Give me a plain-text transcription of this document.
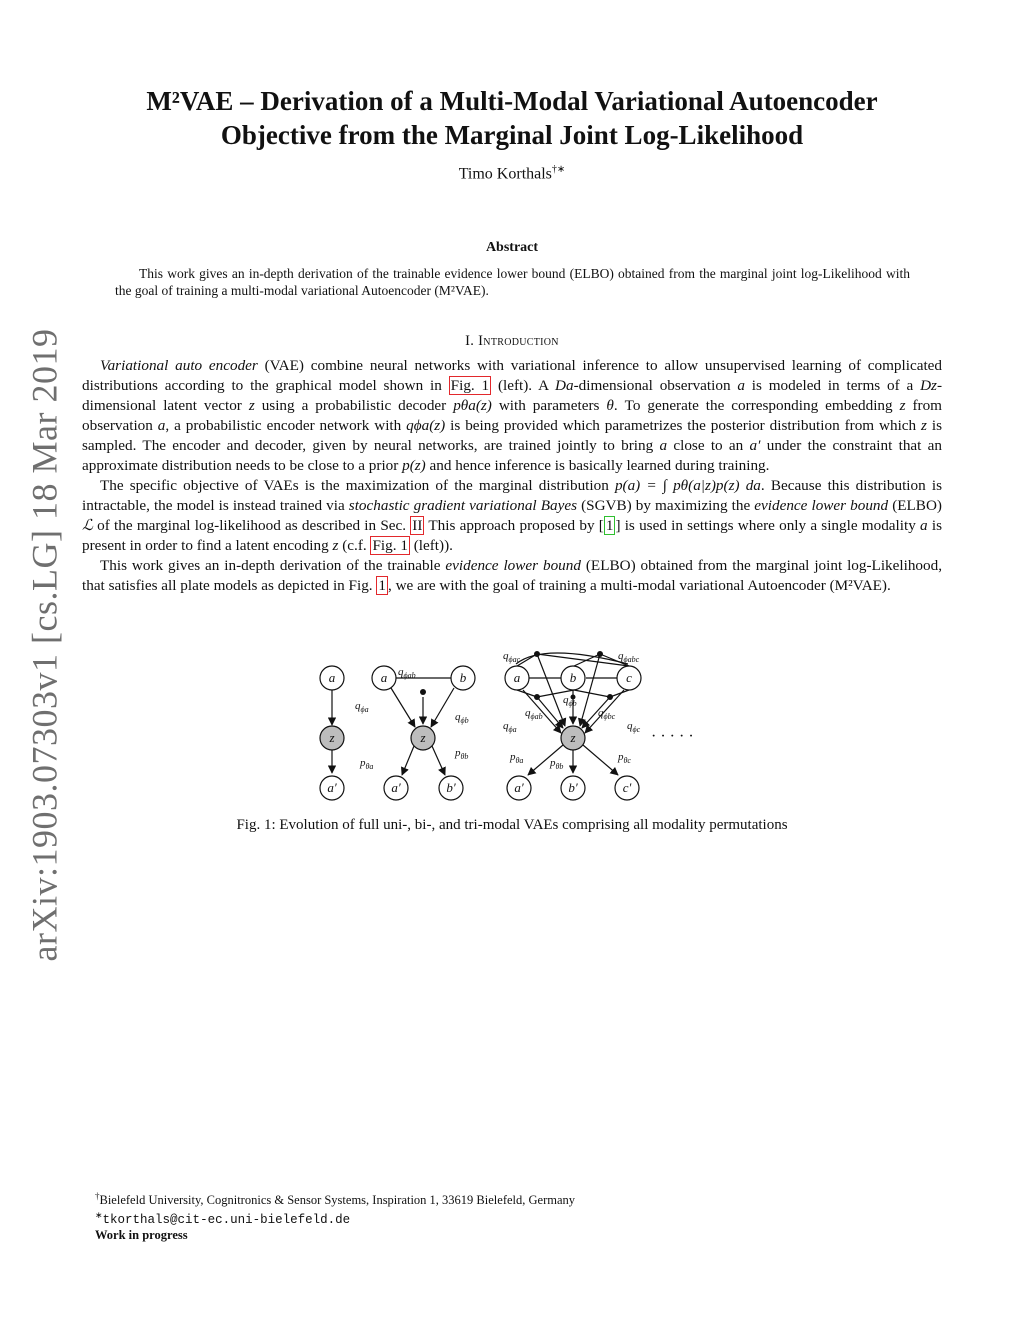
arXiv:1903.07303v1 [cs.LG] 18 Mar 2019
M²VAE – Derivation of a Multi-Modal Variational Autoencoder
Objective from the Marginal Joint Log-Likelihood
Timo Korthals†∗
Abstract
This work gives an in-depth derivation of the trainable evidence lower bound (ELBO) obtained from the marginal joint log-Likelihood with the goal of training a multi-modal variational Autoencoder (M²VAE).
I. Introduction

Variational auto encoder (VAE) combine neural networks with variational inference to allow unsupervised learning of complicated distributions according to the graphical model shown in Fig. 1 (left). A Da-dimensional observation a is modeled in terms of a Dz-dimensional latent vector z using a probabilistic decoder pθa(z) with parameters θ. To generate the corresponding embedding z from observation a, a probabilistic encoder network with qϕa(z) is being provided which parametrizes the posterior distribution from which z is sampled. The encoder and decoder, given by neural networks, are trained jointly to bring a close to an a′ under the constraint that an approximate distribution needs to be close to a prior p(z) and hence inference is basically learned during training.

The specific objective of VAEs is the maximization of the marginal distribution p(a) = ∫ pθ(a|z)p(z) da. Because this distribution is intractable, the model is instead trained via stochastic gradient variational Bayes (SGVB) by maximizing the evidence lower bound (ELBO) ℒ of the marginal log-likelihood as described in Sec. II This approach proposed by [ 1 ] is used in settings where only a single modality a is present in order to find a latent encoding z (c.f. Fig. 1 (left)).

This work gives an in-depth derivation of the trainable evidence lower bound (ELBO) obtained from the marginal joint log-Likelihood, that satisfies all plate models as depicted in Fig. 1 , we are with the goal of training a multi-modal variational Autoencoder (M²VAE).

a
z
a′
a	b
z
a′	b′
a	b	c
z
a′	b′	c′
$q_{\phi a}$
$q_{\phi ab}$
$q_{\phi b}$
$p_{\theta a}$
$p_{\theta b}$
$q_{\phi ac}$	$q_{\phi abc}$
$q_{\phi ab}$
$q_{\phi b}$
$q_{\phi bc}$
$q_{\phi a}$	$q_{\phi c}$
$p_{\theta a}$ $p_{\theta b}$
$p_{\theta c}$
· · · · ·
Fig. 1: Evolution of full uni-, bi-, and tri-modal VAEs comprising all modality permutations
†Bielefeld University, Cognitronics & Sensor Systems, Inspiration 1, 33619 Bielefeld, Germany
∗tkorthals@cit-ec.uni-bielefeld.de
Work in progress
